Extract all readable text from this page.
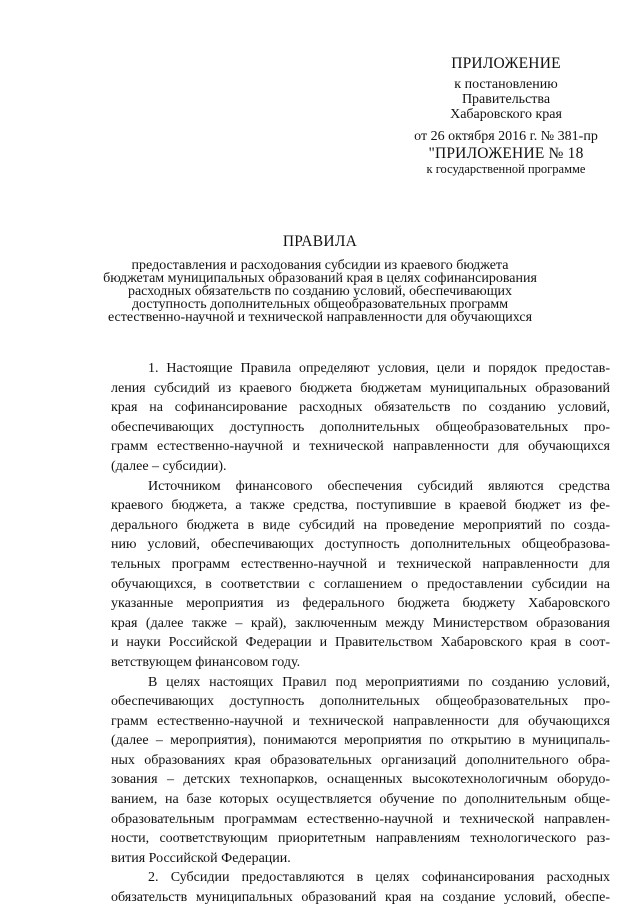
ПРИЛОЖЕНИЕ
к постановлению
Правительства
Хабаровского края
от 26 октября 2016 г. № 381-пр
"ПРИЛОЖЕНИЕ № 18
к государственной программе
ПРАВИЛА
предоставления и расходования субсидии из краевого бюджета
бюджетам муниципальных образований края в целях софинансирования
расходных обязательств по созданию условий, обеспечивающих
доступность дополнительных общеобразовательных программ
естественно-научной и технической направленности для обучающихся
1. Настоящие Правила определяют условия, цели и порядок предостав-
ления субсидий из краевого бюджета бюджетам муниципальных образований
края на софинансирование расходных обязательств по созданию условий,
обеспечивающих доступность дополнительных общеобразовательных про-
грамм естественно-научной и технической направленности для обучающихся
(далее – субсидии).
Источником финансового обеспечения субсидий являются средства
краевого бюджета, а также средства, поступившие в краевой бюджет из фе-
дерального бюджета в виде субсидий на проведение мероприятий по созда-
нию условий, обеспечивающих доступность дополнительных общеобразова-
тельных программ естественно-научной и технической направленности для
обучающихся, в соответствии с соглашением о предоставлении субсидии на
указанные мероприятия из федерального бюджета бюджету Хабаровского
края (далее также – край), заключенным между Министерством образования
и науки Российской Федерации и Правительством Хабаровского края в соот-
ветствующем финансовом году.
В целях настоящих Правил под мероприятиями по созданию условий,
обеспечивающих доступность дополнительных общеобразовательных про-
грамм естественно-научной и технической направленности для обучающихся
(далее – мероприятия), понимаются мероприятия по открытию в муниципаль-
ных образованиях края образовательных организаций дополнительного обра-
зования – детских технопарков, оснащенных высокотехнологичным оборудо-
ванием, на базе которых осуществляется обучение по дополнительным обще-
образовательным программам естественно-научной и технической направлен-
ности, соответствующим приоритетным направлениям технологического раз-
вития Российской Федерации.
2. Субсидии предоставляются в целях софинансирования расходных
обязательств муниципальных образований края на создание условий, обеспе-
